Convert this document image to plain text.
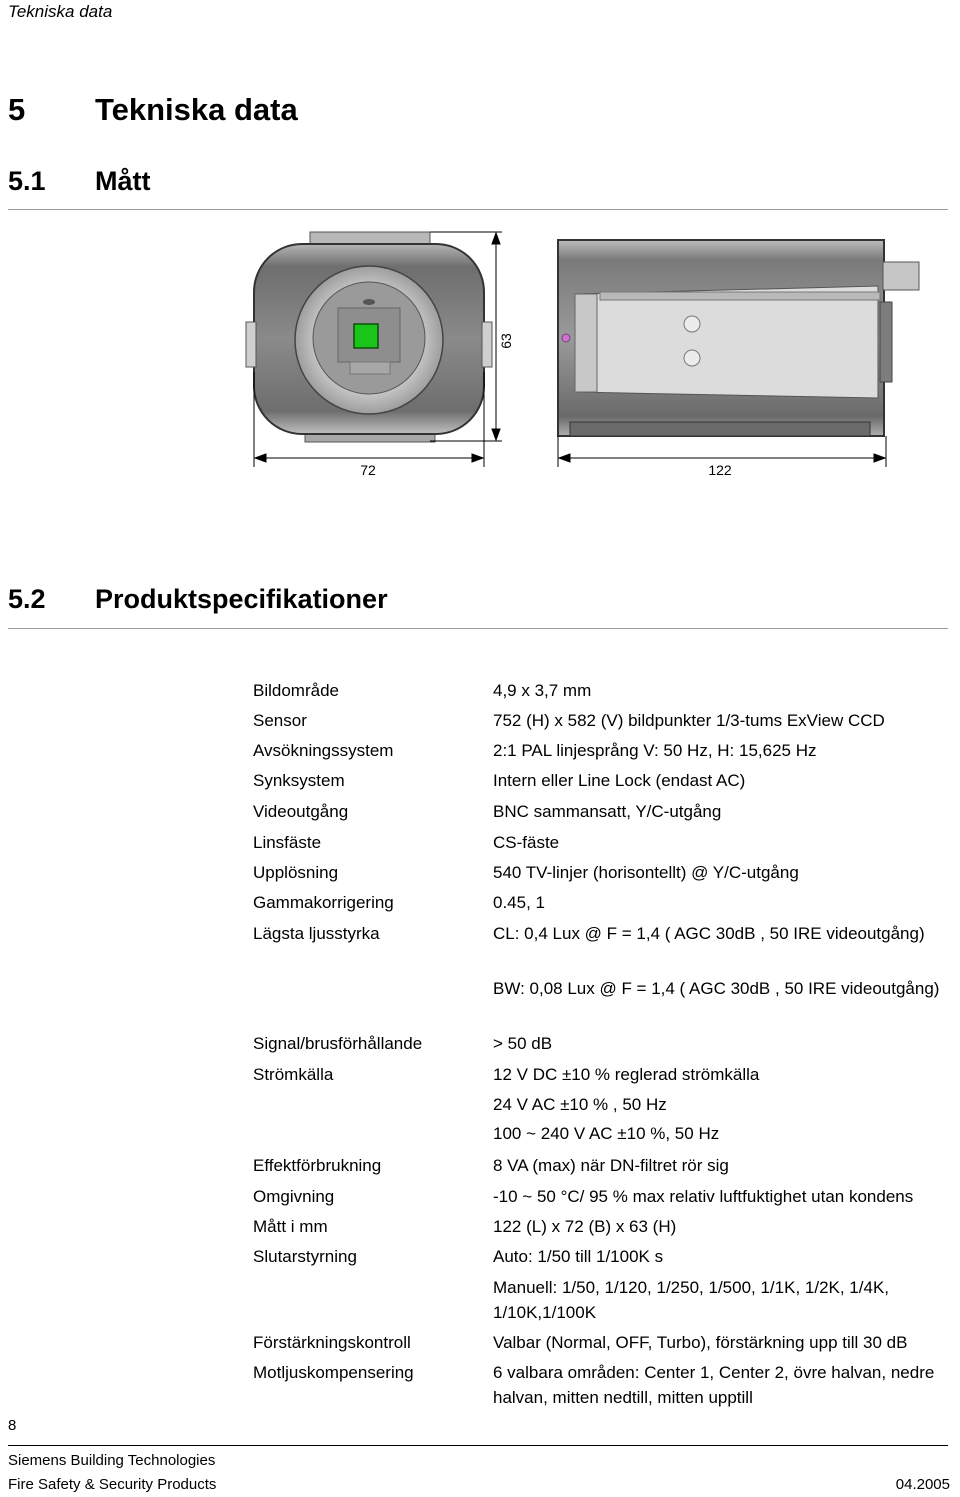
Tekniska data
5 Tekniska data
5.1 Mått
63
72	122
5.2 Produktspecifikationer
Bildområde	4,9 x 3,7 mm
Sensor	752 (H) x 582 (V) bildpunkter 1/3-tums ExView CCD
Avsökningssystem	2:1 PAL linjesprång V: 50 Hz, H: 15,625 Hz
Synksystem	Intern eller Line Lock (endast AC)
Videoutgång	BNC sammansatt, Y/C-utgång
Linsfäste	CS-fäste
Upplösning	540 TV-linjer (horisontellt) @ Y/C-utgång
Gammakorrigering	0.45, 1
Lägsta ljusstyrka	CL: 0,4 Lux @ F = 1,4 ( AGC 30dB , 50 IRE videoutgång)
BW: 0,08 Lux @ F = 1,4 ( AGC 30dB , 50 IRE videoutgång)
Signal/brusförhållande	> 50 dB
Strömkälla	12 V DC ±10 % reglerad strömkälla
24 V AC ±10 % , 50 Hz
100 ~ 240 V AC ±10 %, 50 Hz
Effektförbrukning	8 VA (max) när DN-filtret rör sig
Omgivning	-10 ~ 50 °C/ 95 % max relativ luftfuktighet utan kondens
Mått i mm	122 (L) x 72 (B) x 63 (H)
Slutarstyrning	Auto: 1/50 till 1/100K s
Manuell: 1/50, 1/120, 1/250, 1/500, 1/1K, 1/2K, 1/4K, 1/10K,1/100K
Förstärkningskontroll	Valbar (Normal, OFF, Turbo), förstärkning upp till 30 dB
Motljuskompensering	6 valbara områden: Center 1, Center 2, övre halvan, nedre halvan, mitten nedtill, mitten upptill
8
Siemens Building Technologies
Fire Safety & Security Products	04.2005
